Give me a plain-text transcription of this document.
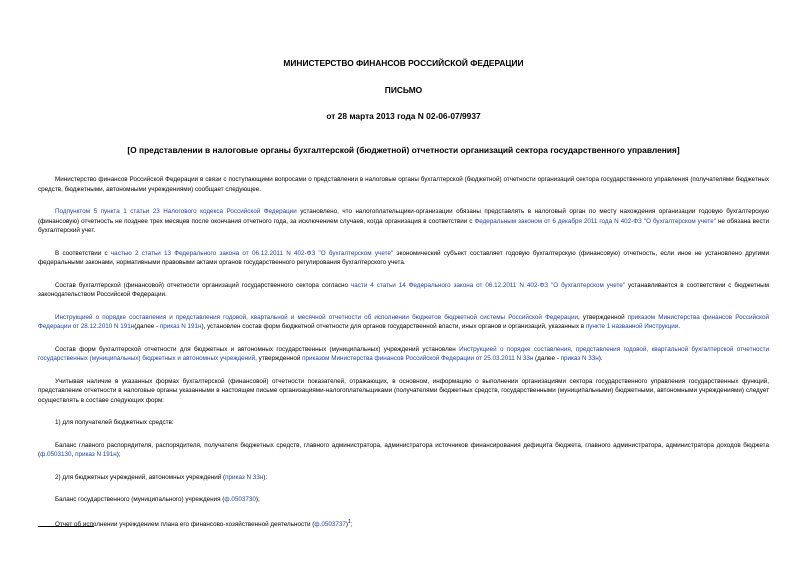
МИНИСТЕРСТВО ФИНАНСОВ РОССИЙСКОЙ ФЕДЕРАЦИИ
ПИСЬМО
от 28 марта 2013 года N 02-06-07/9937
[О представлении в налоговые органы бухгалтерской (бюджетной) отчетности организаций сектора государственного управления]

Министерство финансов Российской Федерации в связи с поступающими вопросами о представлении в налоговые органы бухгалтерской (бюджетной) отчетности организаций сектора государственного управления (получателями бюджетных средств, бюджетными, автономными учреждениями) сообщает следующее.

Подпунктом 5 пункта 1 статьи 23 Налогового кодекса Российской Федерации установлено, что налогоплательщики-организации обязаны представлять в налоговый орган по месту нахождения организации годовую бухгалтерскую (финансовую) отчетность не позднее трех месяцев после окончания отчетного года, за исключением случаев, когда организация в соответствии с Федеральным законом от 6 декабря 2011 года N 402-ФЗ "О бухгалтерском учете" не обязана вести бухгалтерский учет.

В соответствии с частью 2 статьи 13 Федерального закона от 06.12.2011 N 402-ФЗ "О бухгалтерском учете" экономический субъект составляет годовую бухгалтерскую (финансовую) отчетность, если иное не установлено другими федеральными законами, нормативными правовыми актами органов государственного регулирования бухгалтерского учета.

Состав бухгалтерской (финансовой) отчетности организаций государственного сектора согласно части 4 статьи 14 Федерального закона от 06.12.2011 N 402-ФЗ "О бухгалтерском учете" устанавливается в соответствии с бюджетным законодательством Российской Федерации.

Инструкцией о порядке составления и представления годовой, квартальной и месячной отчетности об исполнении бюджетов бюджетной системы Российской Федерации, утвержденной приказом Министерства финансов Российской Федерации от 28.12.2010 N 191н(далее - приказ N 191н), установлен состав форм бюджетной отчетности для органов государственной власти, иных органов и организаций, указанных в пункте 1 названной Инструкции.

Состав форм бухгалтерской отчетности для бюджетных и автономных государственных (муниципальных) учреждений установлен Инструкцией о порядке составления, представления годовой, квартальной бухгалтерской отчетности государственных (муниципальных) бюджетных и автономных учреждений, утвержденной приказом Министерства финансов Российской Федерации от 25.03.2011 N 33н (далее - приказ N 33н).

Учитывая наличие в указанных формах бухгалтерской (финансовой) отчетности показателей, отражающих, в основном, информацию о выполнении организациями сектора государственного управления государственных функций, представление отчетности в налоговые органы указанными в настоящем письме организациями-налогоплательщиками (получателями бюджетных средств, государственными (муниципальными) бюджетными, автономными учреждениями) следует осуществлять в составе следующих форм:

1) для получателей бюджетных средств:

Баланс главного распорядителя, распорядителя, получателя бюджетных средств, главного администратора, администратора источников финансирования дефицита бюджета, главного администратора, администратора доходов бюджета (ф.0503130, приказ N 191н);

2) для бюджетных учреждений, автономных учреждений (приказ N 33н):

Баланс государственного (муниципального) учреждения (ф.0503730);

Отчет об исполнении учреждением плана его финансово-хозяйственной деятельности $(ф.0503737)^1$;
